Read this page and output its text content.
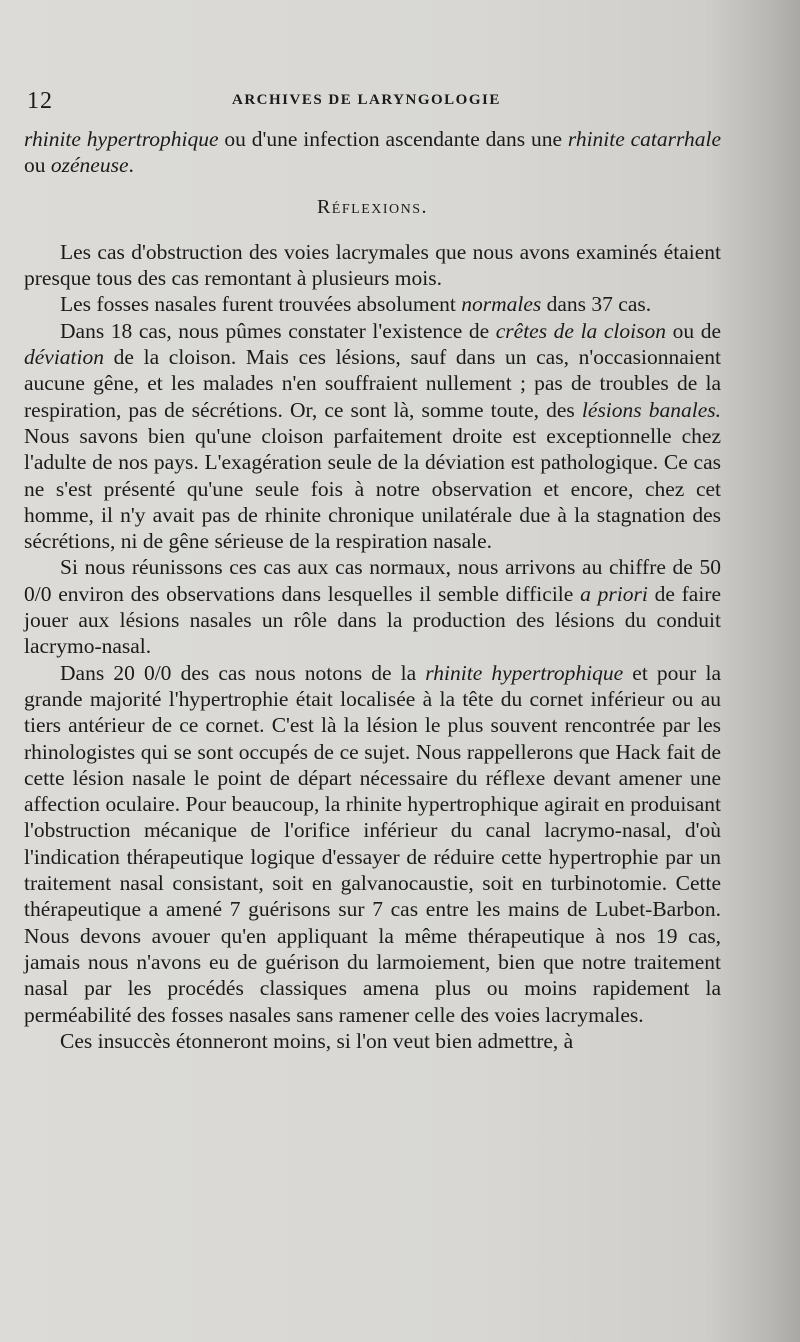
12	ARCHIVES DE LARYNGOLOGIE

rhinite hypertrophique ou d'une infection ascendante dans une rhinite catarrhale ou ozéneuse.

Réflexions.

Les cas d'obstruction des voies lacrymales que nous avons examinés étaient presque tous des cas remontant à plusieurs mois.

Les fosses nasales furent trouvées absolument normales dans 37 cas.

Dans 18 cas, nous pûmes constater l'existence de crêtes de la cloison ou de déviation de la cloison. Mais ces lésions, sauf dans un cas, n'occasionnaient aucune gêne, et les malades n'en souffraient nullement ; pas de troubles de la respiration, pas de sécrétions. Or, ce sont là, somme toute, des lésions banales. Nous savons bien qu'une cloison parfaitement droite est exceptionnelle chez l'adulte de nos pays. L'exagération seule de la déviation est pathologique. Ce cas ne s'est présenté qu'une seule fois à notre observation et encore, chez cet homme, il n'y avait pas de rhinite chronique unilatérale due à la stagnation des sécrétions, ni de gêne sérieuse de la respiration nasale.

Si nous réunissons ces cas aux cas normaux, nous arrivons au chiffre de 50 0/0 environ des observations dans lesquelles il semble difficile a priori de faire jouer aux lésions nasales un rôle dans la production des lésions du conduit lacrymo-nasal.

Dans 20 0/0 des cas nous notons de la rhinite hypertrophique et pour la grande majorité l'hypertrophie était localisée à la tête du cornet inférieur ou au tiers antérieur de ce cornet. C'est là la lésion le plus souvent rencontrée par les rhinologistes qui se sont occupés de ce sujet. Nous rappellerons que Hack fait de cette lésion nasale le point de départ nécessaire du réflexe devant amener une affection oculaire. Pour beaucoup, la rhinite hypertrophique agirait en produisant l'obstruction mécanique de l'orifice inférieur du canal lacrymo-nasal, d'où l'indication thérapeutique logique d'essayer de réduire cette hypertrophie par un traitement nasal consistant, soit en galvanocaustie, soit en turbinotomie. Cette thérapeutique a amené 7 guérisons sur 7 cas entre les mains de Lubet-Barbon. Nous devons avouer qu'en appliquant la même thérapeutique à nos 19 cas, jamais nous n'avons eu de guérison du larmoiement, bien que notre traitement nasal par les procédés classiques amena plus ou moins rapidement la perméabilité des fosses nasales sans ramener celle des voies lacrymales.

Ces insuccès étonneront moins, si l'on veut bien admettre, à
